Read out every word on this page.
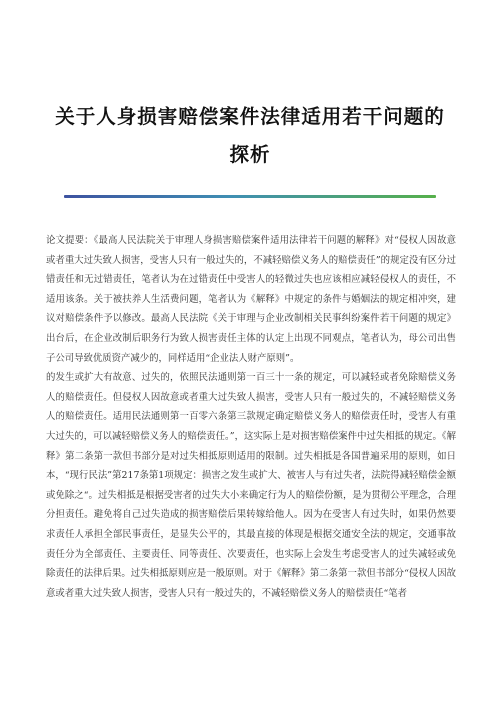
关于人身损害赔偿案件法律适用若干问题的
探析

论文提要：《最高人民法院关于审理人身损害赔偿案件适用法律若干问题的解释》对“侵权人因故意或者重大过失致人损害，受害人只有一般过失的，不减轻赔偿义务人的赔偿责任”的规定没有区分过错责任和无过错责任，笔者认为在过错责任中受害人的轻微过失也应该相应减轻侵权人的责任，不适用该条。关于被扶养人生活费问题，笔者认为《解释》中规定的条件与婚姻法的规定相冲突，建议对赔偿条件予以修改。最高人民法院《关于审理与企业改制相关民事纠纷案件若干问题的规定》出台后，在企业改制后职务行为致人损害责任主体的认定上出现不同观点，笔者认为，母公司出售子公司导致优质资产减少的，同样适用“企业法人财产原则”。

的发生或扩大有故意、过失的，依照民法通则第一百三十一条的规定，可以减轻或者免除赔偿义务人的赔偿责任。但侵权人因故意或者重大过失致人损害，受害人只有一般过失的，不减轻赔偿义务人的赔偿责任。适用民法通则第一百零六条第三款规定确定赔偿义务人的赔偿责任时，受害人有重大过失的，可以减轻赔偿义务人的赔偿责任。”，这实际上是对损害赔偿案件中过失相抵的规定。《解释》第二条第一款但书部分是对过失相抵原则适用的限制。过失相抵是各国普遍采用的原则，如日本，“现行民法”第217条第1项规定：损害之发生或扩大、被害人与有过失者，法院得减轻赔偿金额或免除之“。过失相抵是根据受害者的过失大小来确定行为人的赔偿份额，是为贯彻公平理念，合理分担责任。避免将自己过失造成的损害赔偿后果转嫁给他人。因为在受害人有过失时，如果仍然要求责任人承担全部民事责任，是显失公平的，其最直接的体现是根据交通安全法的规定，交通事故责任分为全部责任、主要责任、同等责任、次要责任，也实际上会发生考虑受害人的过失减轻或免除责任的法律后果。过失相抵原则应是一般原则。对于《解释》第二条第一款但书部分“侵权人因故意或者重大过失致人损害，受害人只有一般过失的，不减轻赔偿义务人的赔偿责任“笔者
